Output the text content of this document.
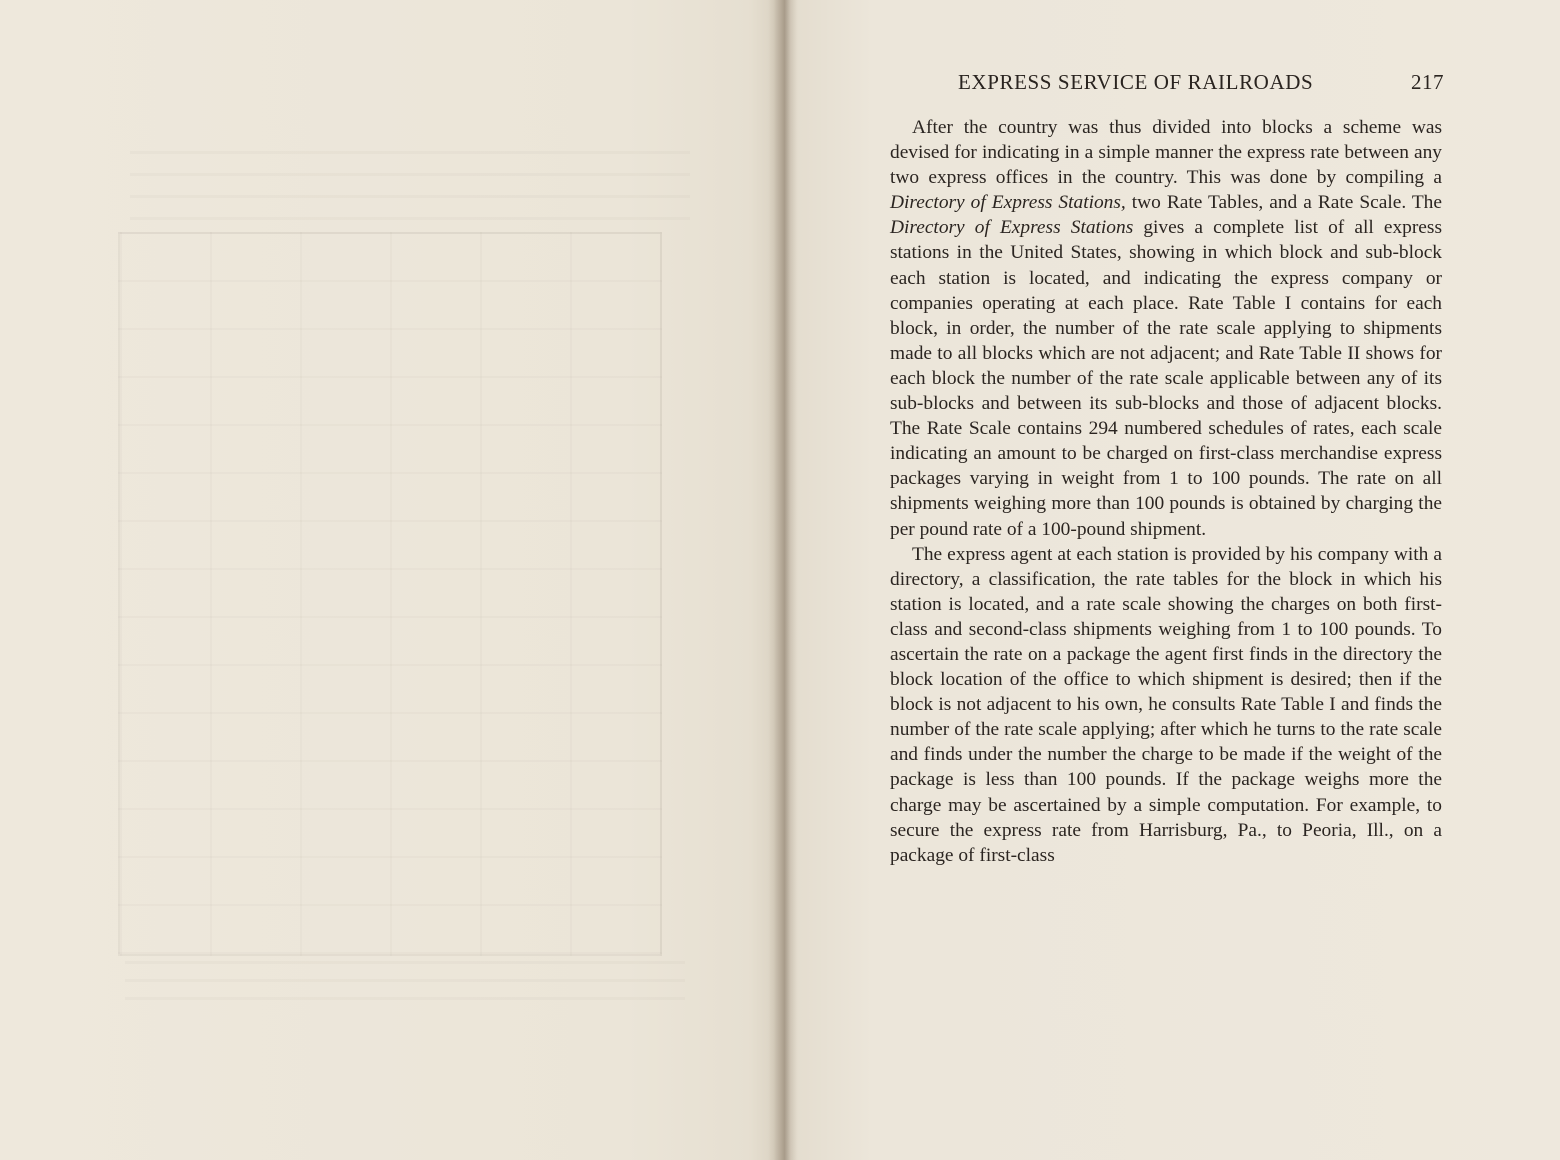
EXPRESS SERVICE OF RAILROADS	217

After the country was thus divided into blocks a scheme was devised for indicating in a simple manner the express rate between any two express offices in the country. This was done by compiling a Directory of Express Stations, two Rate Tables, and a Rate Scale. The Directory of Express Stations gives a complete list of all express stations in the United States, showing in which block and sub-block each station is located, and indicating the express company or companies operating at each place. Rate Table I contains for each block, in order, the number of the rate scale applying to shipments made to all blocks which are not adjacent; and Rate Table II shows for each block the number of the rate scale applicable between any of its sub-blocks and between its sub-blocks and those of adjacent blocks. The Rate Scale contains 294 numbered schedules of rates, each scale indicating an amount to be charged on first-class merchandise express packages varying in weight from 1 to 100 pounds. The rate on all shipments weighing more than 100 pounds is obtained by charging the per pound rate of a 100-pound shipment.

The express agent at each station is provided by his company with a directory, a classification, the rate tables for the block in which his station is located, and a rate scale showing the charges on both first-class and second-class shipments weighing from 1 to 100 pounds. To ascertain the rate on a package the agent first finds in the directory the block location of the office to which shipment is desired; then if the block is not adjacent to his own, he consults Rate Table I and finds the number of the rate scale applying; after which he turns to the rate scale and finds under the number the charge to be made if the weight of the package is less than 100 pounds. If the package weighs more the charge may be ascertained by a simple computation. For example, to secure the express rate from Harrisburg, Pa., to Peoria, Ill., on a package of first-class
